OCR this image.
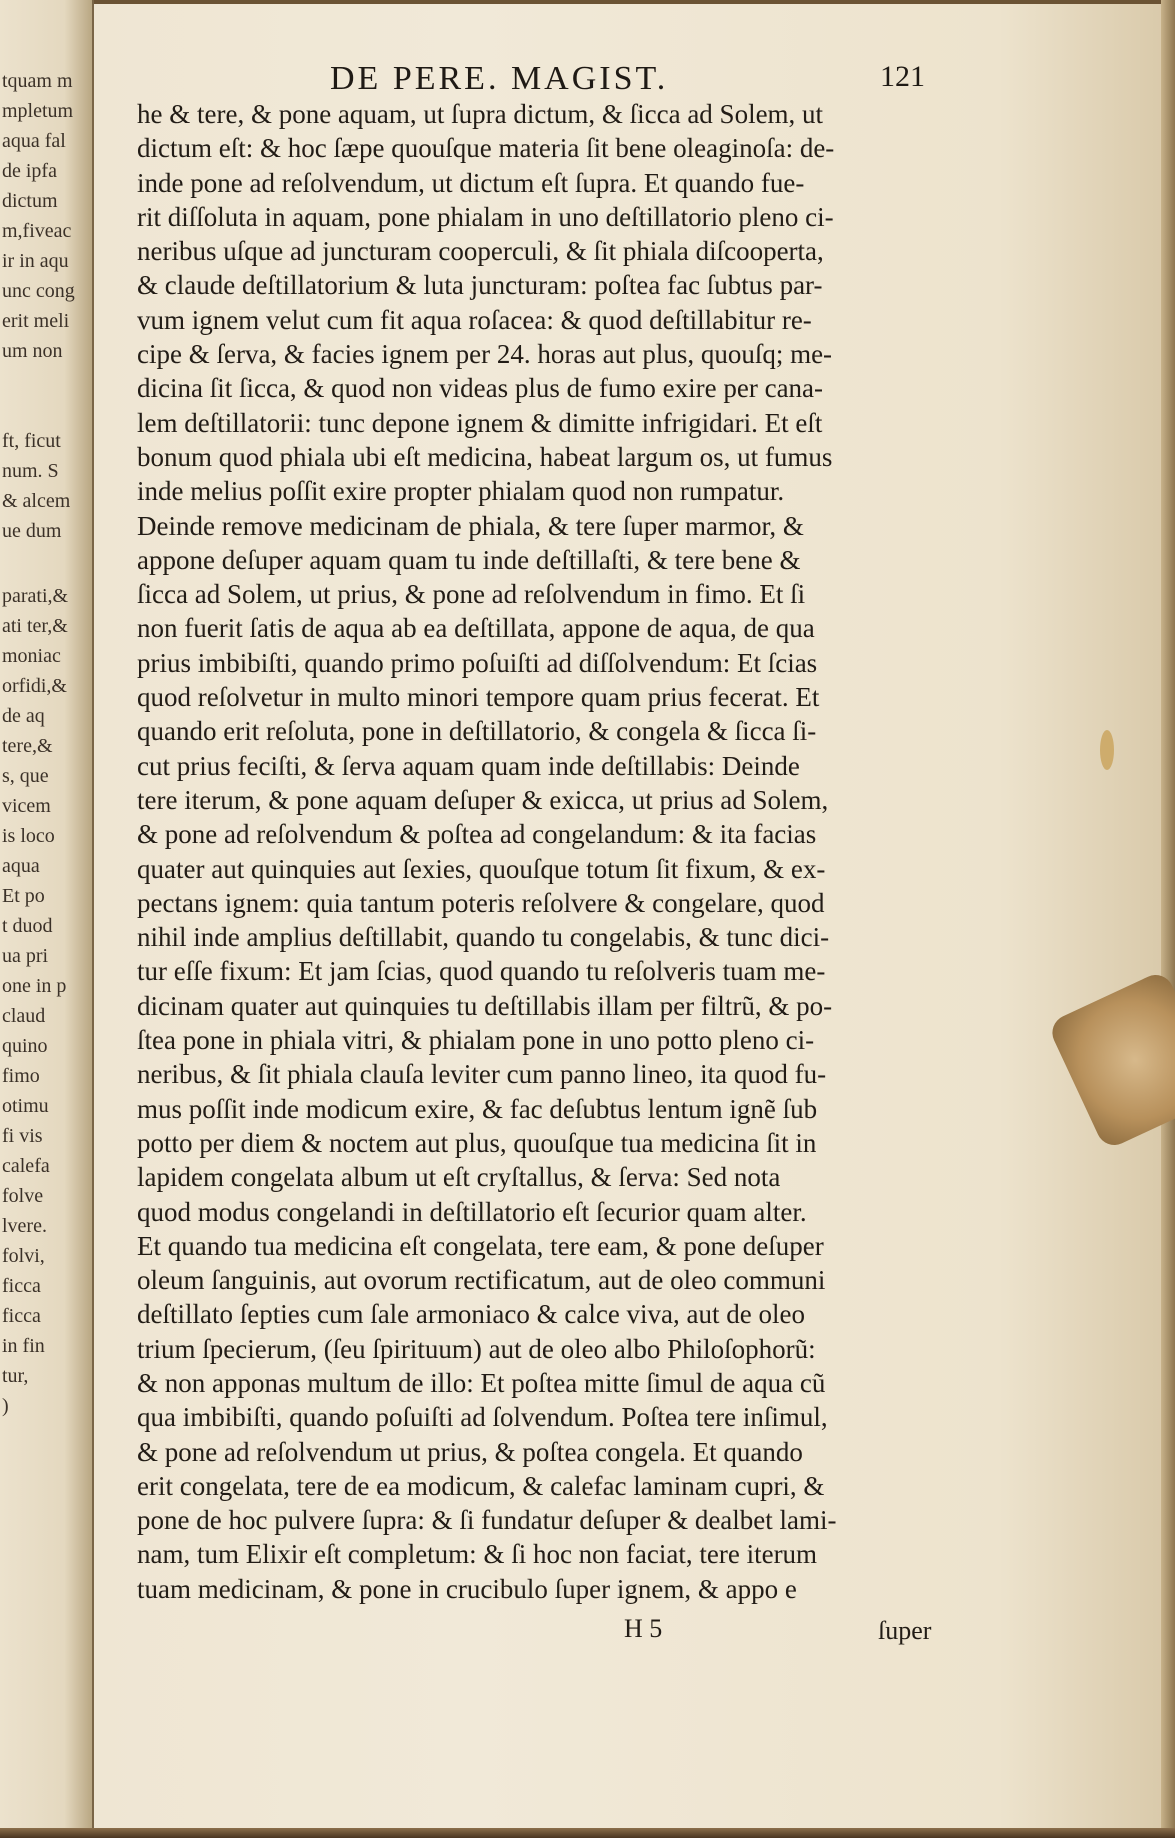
tquam m
mpletum
aqua fal
de ipfa
dictum
m,fiveac
ir in aqu
unc cong
erit meli
um non
ft, ficut
num. S
& alcem
ue dum
parati,&
ati ter,&
moniac
orfidi,&
de aq
tere,&
s, que
vicem
is loco
aqua
Et po
t duod
ua pri
one in p
claud
quino
fimo
otimu
fi vis
calefa
folve
lvere.
folvi,
ficca
ficca
in fin
tur,
)
DE PERE. MAGIST.	121
he & tere, & pone aquam, ut ſupra dictum, & ſicca ad Solem, ut
dictum eſt: & hoc ſæpe quouſque materia ſit bene oleaginoſa: de-
inde pone ad reſolvendum, ut dictum eſt ſupra. Et quando fue-
rit diſſoluta in aquam, pone phialam in uno deſtillatorio pleno ci-
neribus uſque ad juncturam cooperculi, & ſit phiala diſcooperta,
& claude deſtillatorium & luta juncturam: poſtea fac ſubtus par-
vum ignem velut cum fit aqua roſacea: & quod deſtillabitur re-
cipe & ſerva, & facies ignem per 24. horas aut plus, quouſq; me-
dicina ſit ſicca, & quod non videas plus de fumo exire per cana-
lem deſtillatorii: tunc depone ignem & dimitte infrigidari. Et eſt
bonum quod phiala ubi eſt medicina, habeat largum os, ut fumus
inde melius poſſit exire propter phialam quod non rumpatur.
Deinde remove medicinam de phiala, & tere ſuper marmor, &
appone deſuper aquam quam tu inde deſtillaſti, & tere bene &
ſicca ad Solem, ut prius, & pone ad reſolvendum in fimo. Et ſi
non fuerit ſatis de aqua ab ea deſtillata, appone de aqua, de qua
prius imbibiſti, quando primo poſuiſti ad diſſolvendum: Et ſcias
quod reſolvetur in multo minori tempore quam prius fecerat. Et
quando erit reſoluta, pone in deſtillatorio, & congela & ſicca ſi-
cut prius feciſti, & ſerva aquam quam inde deſtillabis: Deinde
tere iterum, & pone aquam deſuper & exicca, ut prius ad Solem,
& pone ad reſolvendum & poſtea ad congelandum: & ita facias
quater aut quinquies aut ſexies, quouſque totum ſit fixum, & ex-
pectans ignem: quia tantum poteris reſolvere & congelare, quod
nihil inde amplius deſtillabit, quando tu congelabis, & tunc dici-
tur eſſe fixum: Et jam ſcias, quod quando tu reſolveris tuam me-
dicinam quater aut quinquies tu deſtillabis illam per filtrũ, & po-
ſtea pone in phiala vitri, & phialam pone in uno potto pleno ci-
neribus, & ſit phiala clauſa leviter cum panno lineo, ita quod fu-
mus poſſit inde modicum exire, & fac deſubtus lentum ignẽ ſub
potto per diem & noctem aut plus, quouſque tua medicina ſit in
lapidem congelata album ut eſt cryſtallus, & ſerva: Sed nota
quod modus congelandi in deſtillatorio eſt ſecurior quam alter.
Et quando tua medicina eſt congelata, tere eam, & pone deſuper
oleum ſanguinis, aut ovorum rectificatum, aut de oleo communi
deſtillato ſepties cum ſale armoniaco & calce viva, aut de oleo
trium ſpecierum, (ſeu ſpirituum) aut de oleo albo Philoſophorũ:
& non apponas multum de illo: Et poſtea mitte ſimul de aqua cũ
qua imbibiſti, quando poſuiſti ad ſolvendum. Poſtea tere inſimul,
& pone ad reſolvendum ut prius, & poſtea congela. Et quando
erit congelata, tere de ea modicum, & calefac laminam cupri, &
pone de hoc pulvere ſupra: & ſi fundatur deſuper & dealbet lami-
nam, tum Elixir eſt completum: & ſi hoc non faciat, tere iterum
tuam medicinam, & pone in crucibulo ſuper ignem, & appo e
H 5	ſuper
